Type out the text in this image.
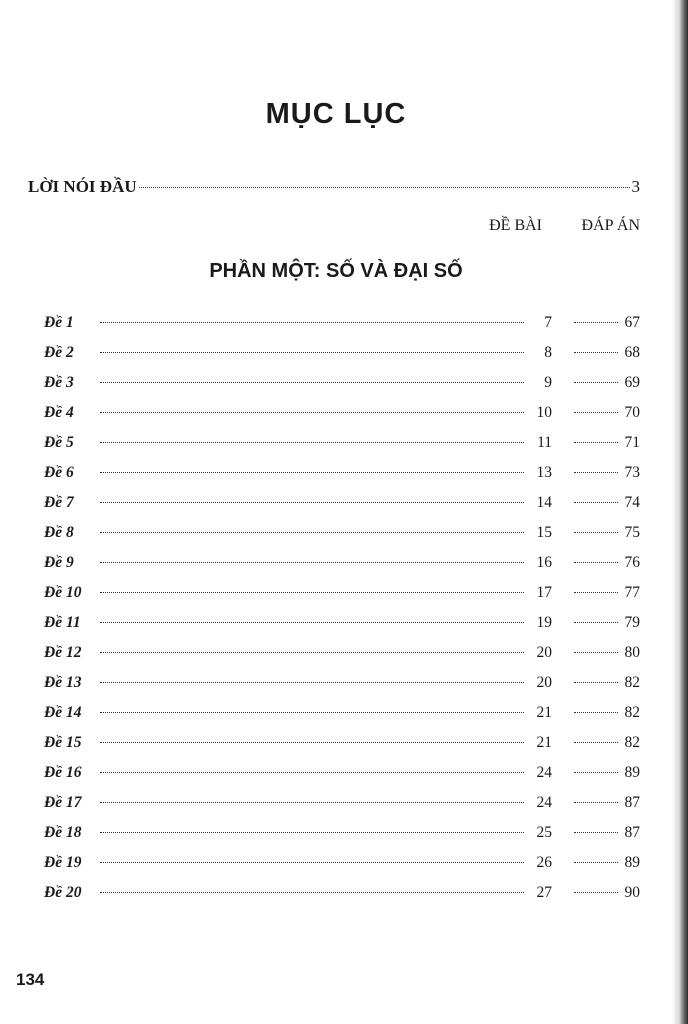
MỤC LỤC
LỜI NÓI ĐẦU	3
ĐỀ BÀI ĐÁP ÁN
PHẦN MỘT: SỐ VÀ ĐẠI SỐ
Đề 1	7	67
Đề 2	8	68
Đề 3	9	69
Đề 4	10	70
Đề 5	11	71
Đề 6	13	73
Đề 7	14	74
Đề 8	15	75
Đề 9	16	76
Đề 10	17	77
Đề 11	19	79
Đề 12	20	80
Đề 13	20	82
Đề 14	21	82
Đề 15	21	82
Đề 16	24	89
Đề 17	24	87
Đề 18	25	87
Đề 19	26	89
Đề 20	27	90
134
